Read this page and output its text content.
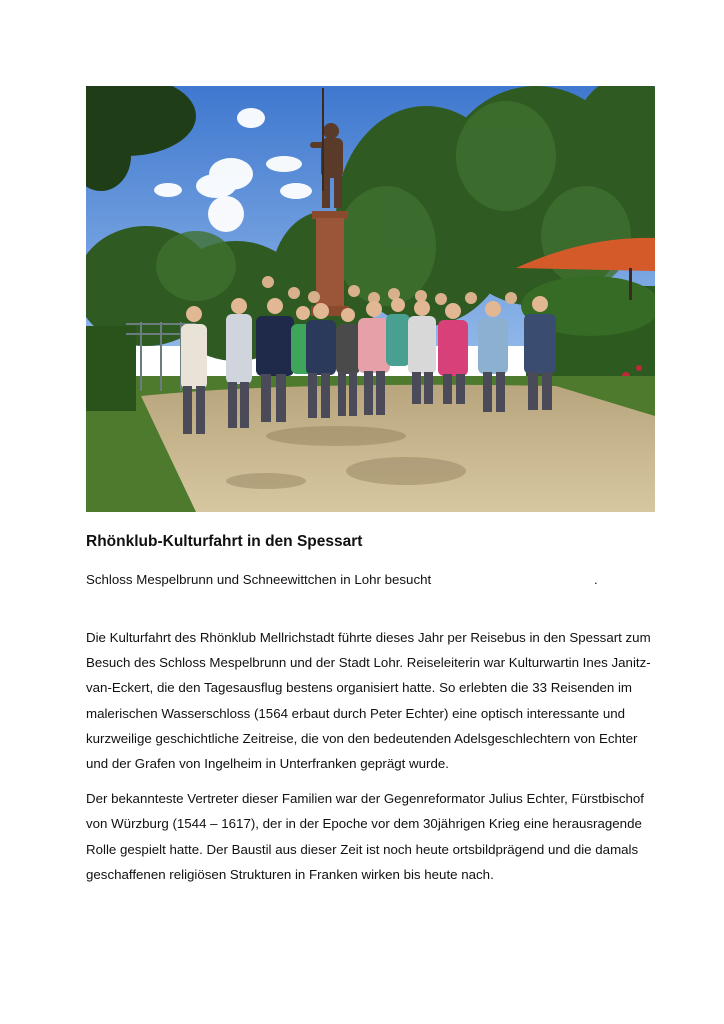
Rhönklub-Kulturfahrt in den Spessart

Schloss Mespelbrunn und Schneewittchen in Lohr besucht	.

Die Kulturfahrt des Rhönklub Mellrichstadt führte dieses Jahr per Reisebus in den Spessart zum Besuch des Schloss Mespelbrunn und der Stadt Lohr. Reiseleiterin war Kulturwartin Ines Janitz-van-Eckert, die den Tagesausflug bestens organisiert hatte. So erlebten die 33 Reisenden im malerischen Wasserschloss (1564 erbaut durch Peter Echter) eine optisch interessante und kurzweilige geschichtliche Zeitreise, die von den bedeutenden Adelsgeschlechtern von Echter und der Grafen von Ingelheim in Unterfranken geprägt wurde.

Der bekannteste Vertreter dieser Familien war der Gegenreformator Julius Echter, Fürstbischof von Würzburg (1544 – 1617), der in der Epoche vor dem 30jährigen Krieg eine herausragende Rolle gespielt hatte. Der Baustil aus dieser Zeit ist noch heute ortsbildprägend und die damals geschaffenen religiösen Strukturen in Franken wirken bis heute nach.
